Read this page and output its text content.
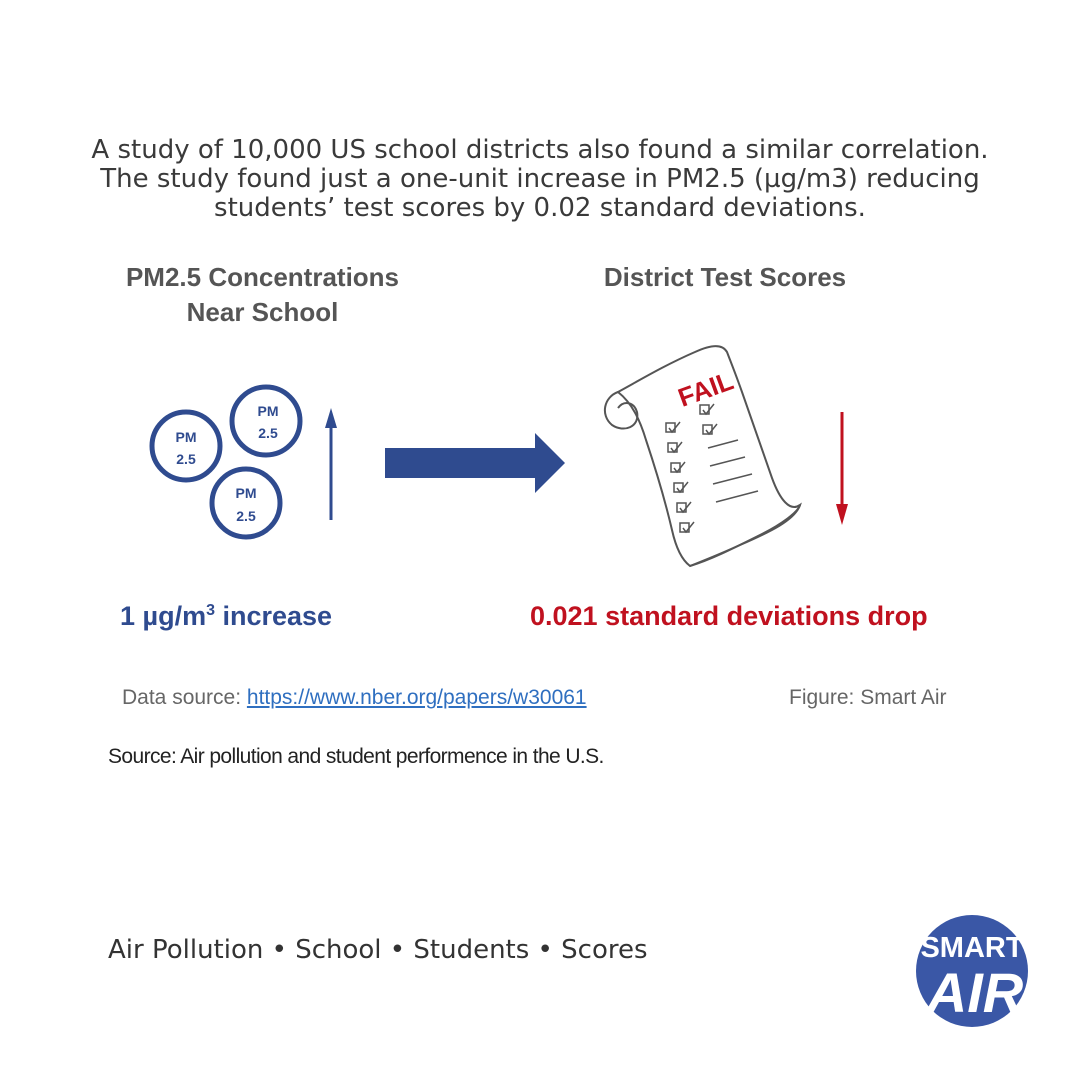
A study of 10,000 US school districts also found a similar correlation. The study found just a one-unit increase in PM2.5 (µg/m3) reducing students’ test scores by 0.02 standard deviations.
PM2.5 Concentrations
Near School
District Test Scores
PM
2.5
PM
2.5
PM
2.5
FAIL
SMART
AIR
1 $\mu g/m^3$ increase	0.021 standard deviations drop
Data source: https://www.nber.org/papers/w30061	Figure: Smart Air
Source: Air pollution and student performence in the U.S.
Air Pollution • School • Students • Scores
